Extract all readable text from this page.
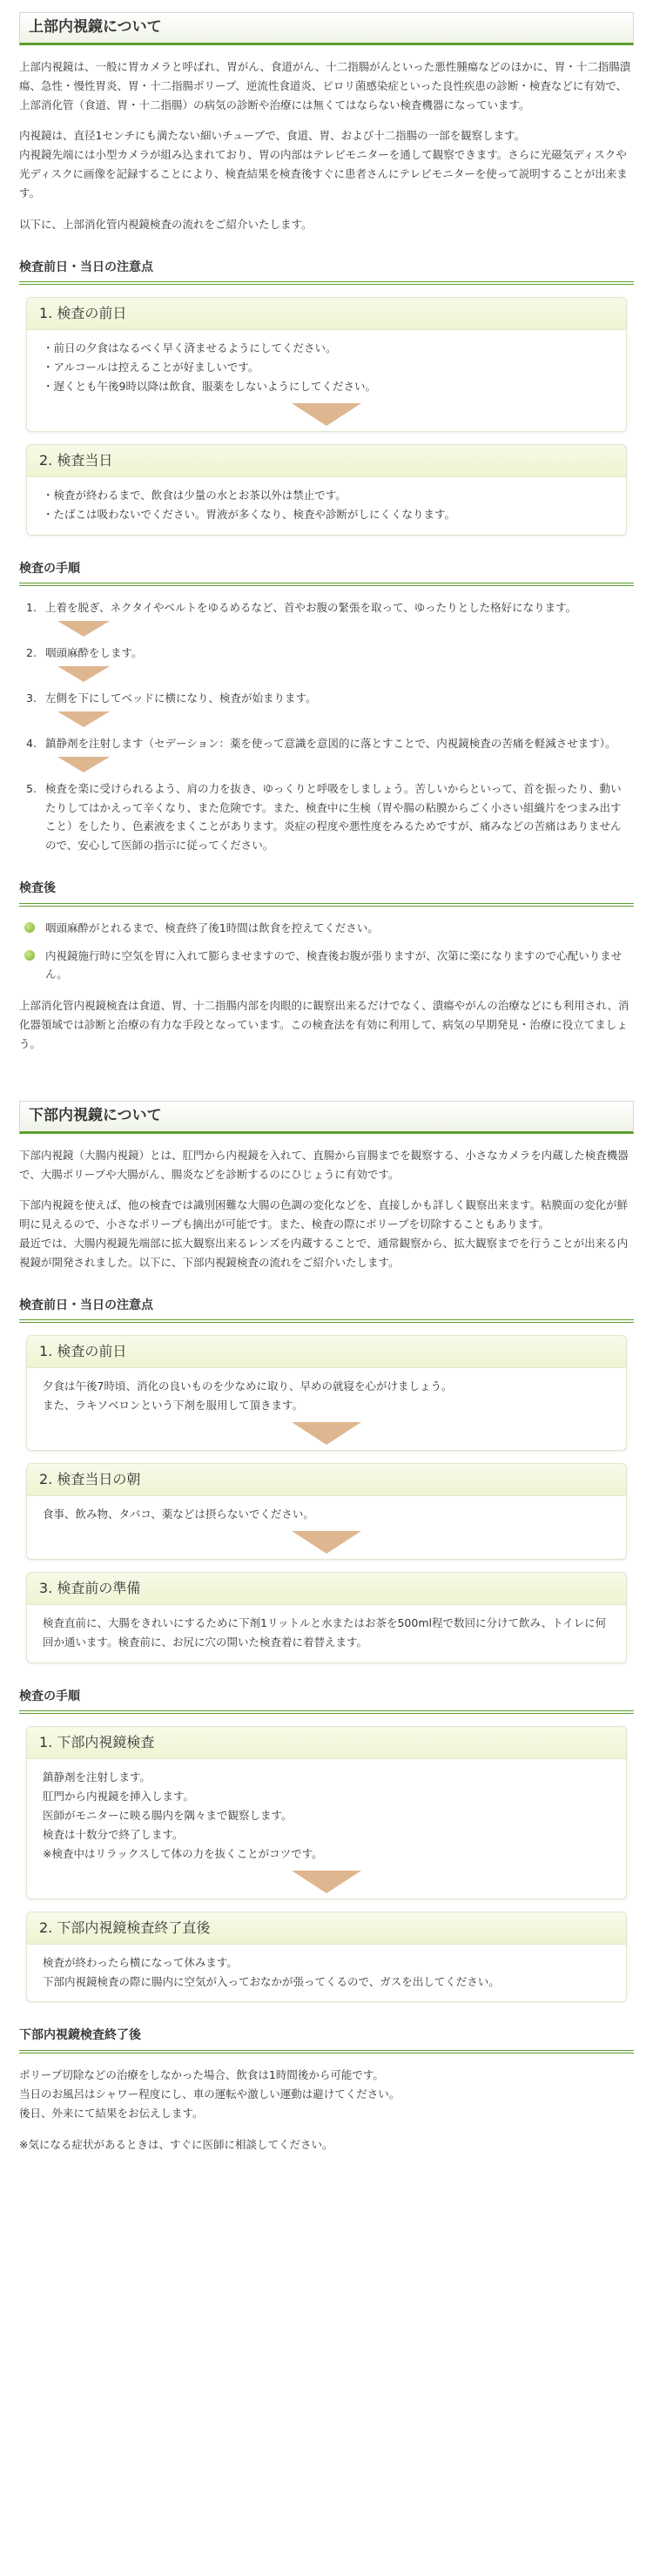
上部内視鏡について

上部内視鏡は、一般に胃カメラと呼ばれ、胃がん、食道がん、十二指腸がんといった悪性腫瘍などのほかに、胃・十二指腸潰瘍、急性・慢性胃炎、胃・十二指腸ポリープ、逆流性食道炎、ピロリ菌感染症といった良性疾患の診断・検査などに有効で、上部消化管（食道、胃・十二指腸）の病気の診断や治療には無くてはならない検査機器になっています。

内視鏡は、直径1センチにも満たない細いチューブで、食道、胃、および十二指腸の一部を観察します。

内視鏡先端には小型カメラが組み込まれており、胃の内部はテレビモニターを通して観察できます。さらに光磁気ディスクや光ディスクに画像を記録することにより、検査結果を検査後すぐに患者さんにテレビモニターを使って説明することが出来ます。

以下に、上部消化管内視鏡検査の流れをご紹介いたします。

検査前日・当日の注意点
1. 検査の前日

・前日の夕食はなるべく早く済ませるようにしてください。

・アルコールは控えることが好ましいです。

・遅くとも午後9時以降は飲食、服薬をしないようにしてください。

2. 検査当日

・検査が終わるまで、飲食は少量の水とお茶以外は禁止です。

・たばこは吸わないでください。胃液が多くなり、検査や診断がしにくくなります。

検査の手順
1. 上着を脱ぎ、ネクタイやベルトをゆるめるなど、首やお腹の緊張を取って、ゆったりとした格好になります。
2. 咽頭麻酔をします。
3. 左側を下にしてベッドに横になり、検査が始まります。
4. 鎮静剤を注射します（セデーション：薬を使って意識を意図的に落とすことで、内視鏡検査の苦痛を軽減させます）。
5. 検査を楽に受けられるよう、肩の力を抜き、ゆっくりと呼吸をしましょう。苦しいからといって、首を振ったり、動いたりしてはかえって辛くなり、また危険です。また、検査中に生検（胃や腸の粘膜からごく小さい組織片をつまみ出すこと）をしたり、色素液をまくことがあります。炎症の程度や悪性度をみるためですが、痛みなどの苦痛はありませんので、安心して医師の指示に従ってください。
検査後
咽頭麻酔がとれるまで、検査終了後1時間は飲食を控えてください。
内視鏡施行時に空気を胃に入れて膨らませますので、検査後お腹が張りますが、次第に楽になりますので心配いりません。

上部消化管内視鏡検査は食道、胃、十二指腸内部を肉眼的に観察出来るだけでなく、潰瘍やがんの治療などにも利用され、消化器領域では診断と治療の有力な手段となっています。この検査法を有効に利用して、病気の早期発見・治療に役立てましょう。

下部内視鏡について

下部内視鏡（大腸内視鏡）とは、肛門から内視鏡を入れて、直腸から盲腸までを観察する、小さなカメラを内蔵した検査機器で、大腸ポリープや大腸がん、腸炎などを診断するのにひじょうに有効です。

下部内視鏡を使えば、他の検査では識別困難な大腸の色調の変化などを、直接しかも詳しく観察出来ます。粘膜面の変化が鮮明に見えるので、小さなポリープも摘出が可能です。また、検査の際にポリープを切除することもあります。

最近では、大腸内視鏡先端部に拡大観察出来るレンズを内蔵することで、通常観察から、拡大観察までを行うことが出来る内視鏡が開発されました。以下に、下部内視鏡検査の流れをご紹介いたします。

検査前日・当日の注意点
1. 検査の前日

夕食は午後7時頃、消化の良いものを少なめに取り、早めの就寝を心がけましょう。

また、ラキソベロンという下剤を服用して頂きます。

2. 検査当日の朝

食事、飲み物、タバコ、薬などは摂らないでください。

3. 検査前の準備

検査直前に、大腸をきれいにするために下剤1リットルと水またはお茶を500ml程で数回に分けて飲み、トイレに何回か通います。検査前に、お尻に穴の開いた検査着に着替えます。

検査の手順
1. 下部内視鏡検査

鎮静剤を注射します。

肛門から内視鏡を挿入します。

医師がモニターに映る腸内を隅々まで観察します。

検査は十数分で終了します。

※検査中はリラックスして体の力を抜くことがコツです。

2. 下部内視鏡検査終了直後

検査が終わったら横になって休みます。

下部内視鏡検査の際に腸内に空気が入っておなかが張ってくるので、ガスを出してください。

下部内視鏡検査終了後

ポリープ切除などの治療をしなかった場合、飲食は1時間後から可能です。

当日のお風呂はシャワー程度にし、車の運転や激しい運動は避けてください。

後日、外来にて結果をお伝えします。

※気になる症状があるときは、すぐに医師に相談してください。
